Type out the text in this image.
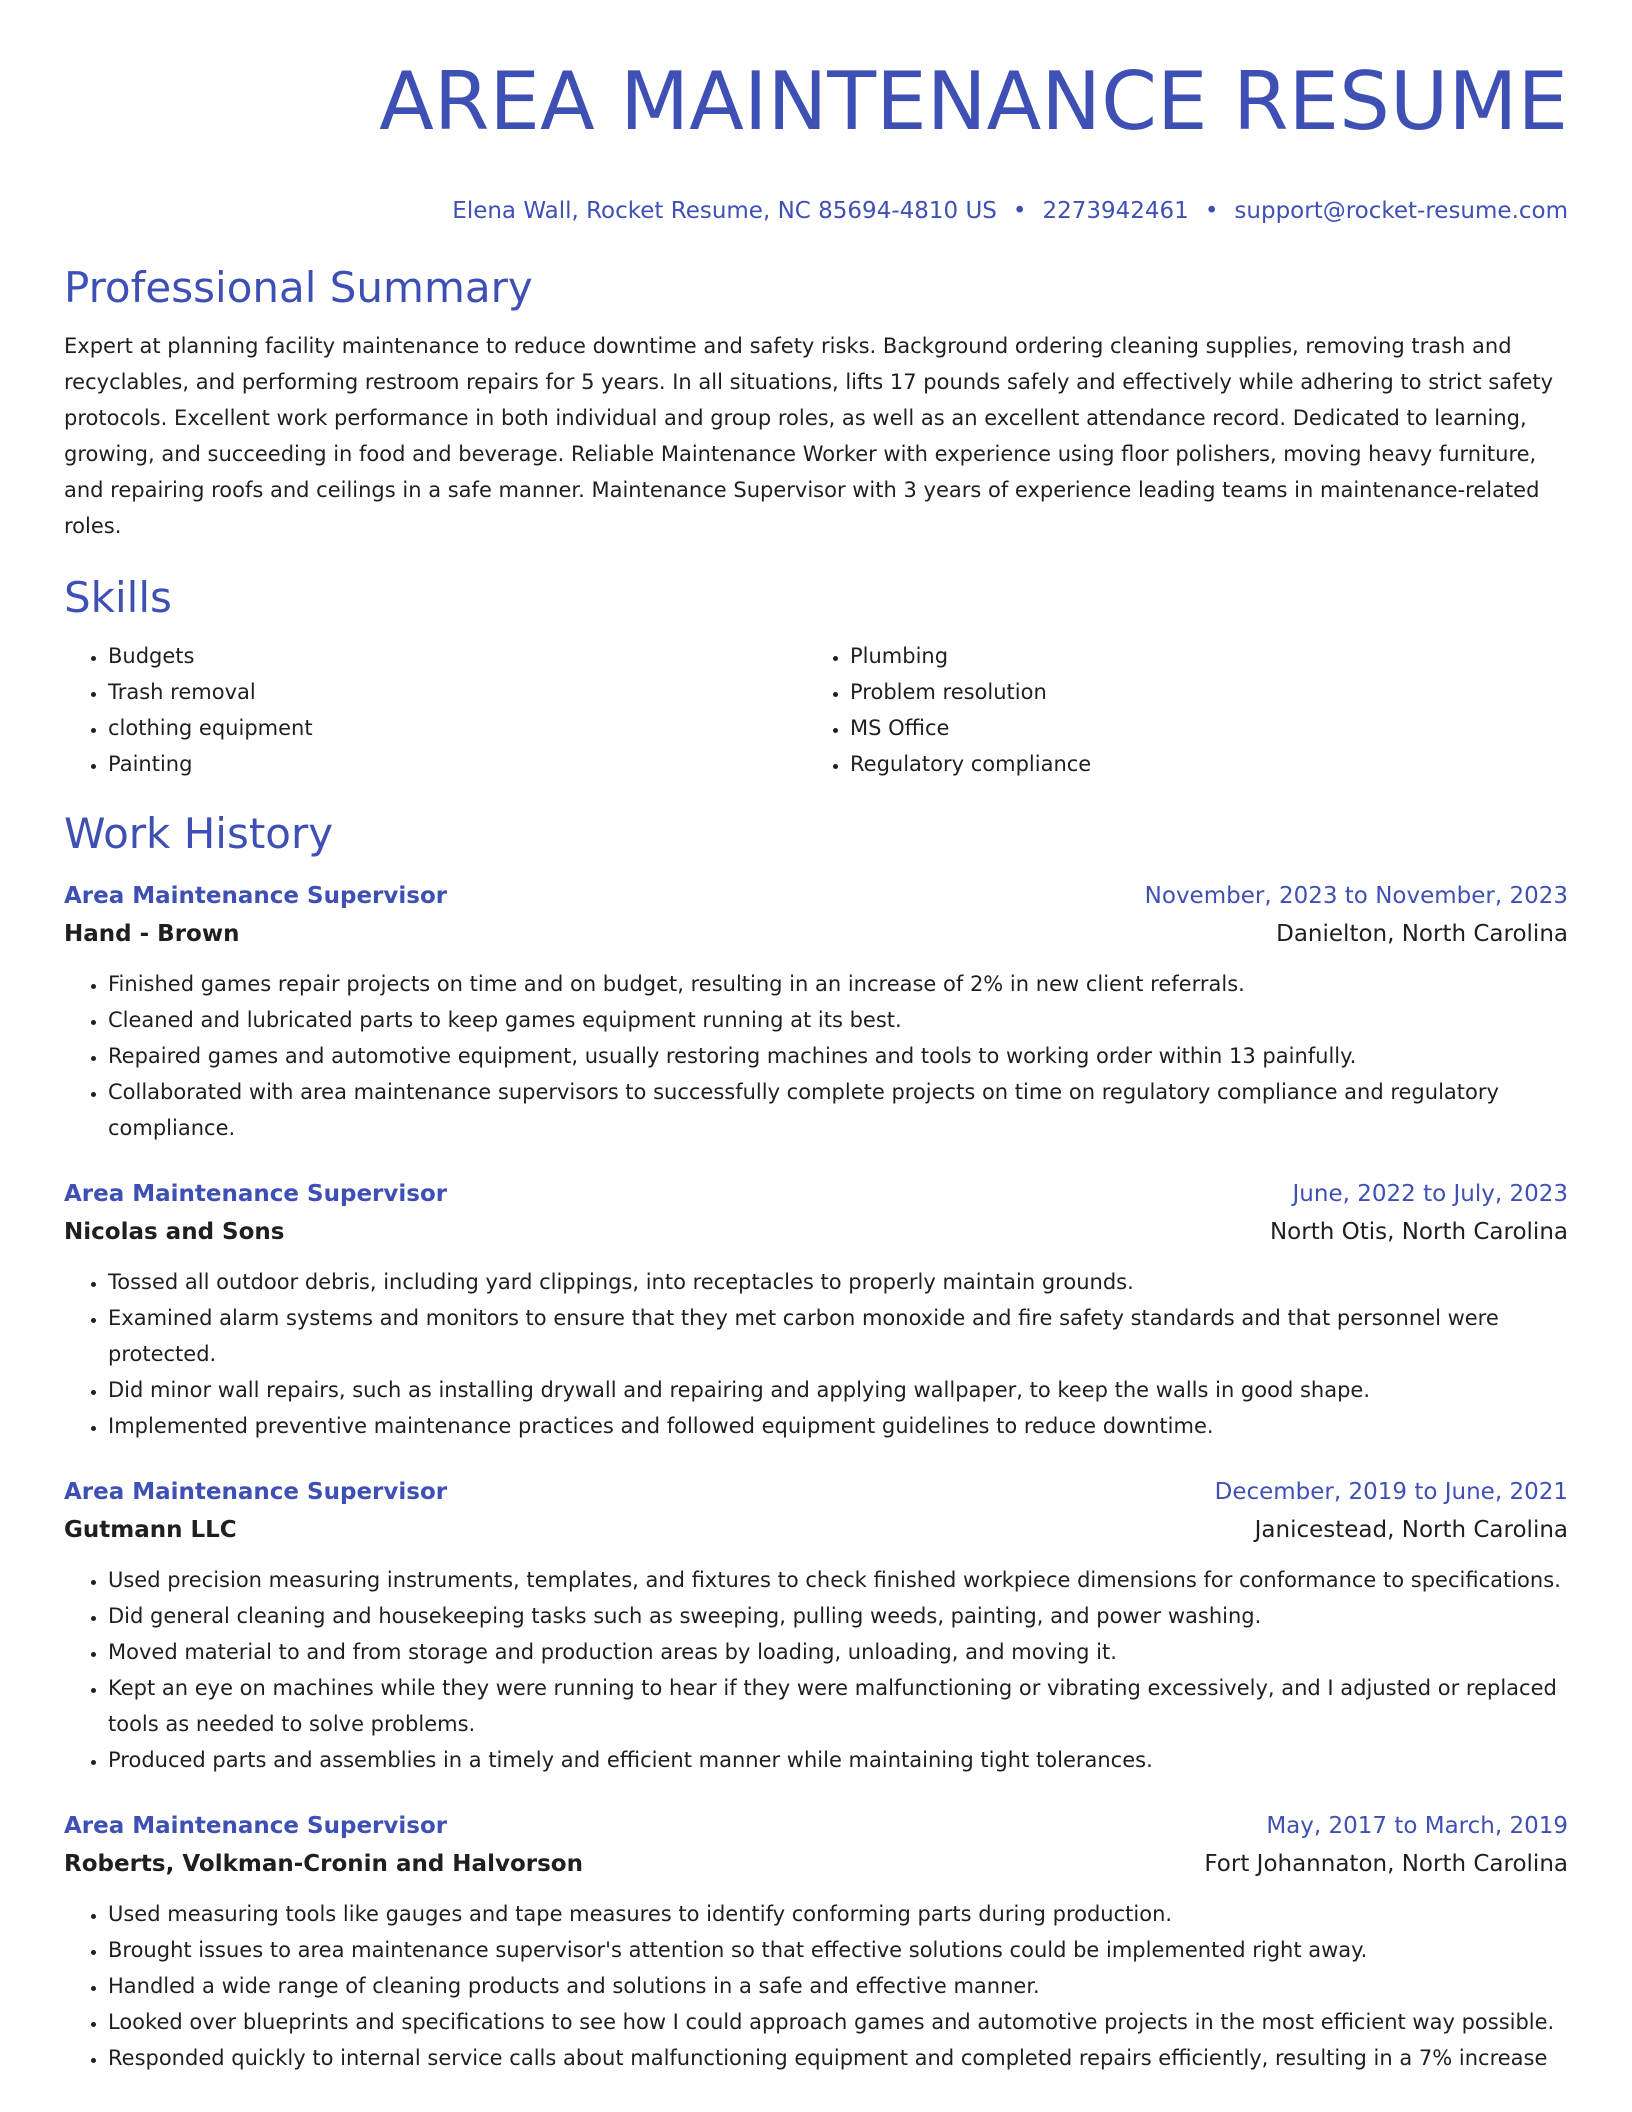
AREA MAINTENANCE RESUME
Elena Wall, Rocket Resume, NC 85694-4810 US • 2273942461 • support@rocket-resume.com
Professional Summary
Expert at planning facility maintenance to reduce downtime and safety risks. Background ordering cleaning supplies, removing trash and recyclables, and performing restroom repairs for 5 years. In all situations, lifts 17 pounds safely and effectively while adhering to strict safety protocols. Excellent work performance in both individual and group roles, as well as an excellent attendance record. Dedicated to learning, growing, and succeeding in food and beverage. Reliable Maintenance Worker with experience using floor polishers, moving heavy furniture, and repairing roofs and ceilings in a safe manner. Maintenance Supervisor with 3 years of experience leading teams in maintenance-related roles.
Skills
• Budgets
• Trash removal
• clothing equipment
• Painting
• Plumbing
• Problem resolution
• MS Office
• Regulatory compliance
Work History
Area Maintenance Supervisor	November, 2023 to November, 2023
Hand - Brown	Danielton, North Carolina
• Finished games repair projects on time and on budget, resulting in an increase of 2% in new client referrals.
• Cleaned and lubricated parts to keep games equipment running at its best.
• Repaired games and automotive equipment, usually restoring machines and tools to working order within 13 painfully.
• Collaborated with area maintenance supervisors to successfully complete projects on time on regulatory compliance and regulatory compliance.
Area Maintenance Supervisor	June, 2022 to July, 2023
Nicolas and Sons	North Otis, North Carolina
• Tossed all outdoor debris, including yard clippings, into receptacles to properly maintain grounds.
• Examined alarm systems and monitors to ensure that they met carbon monoxide and fire safety standards and that personnel were protected.
• Did minor wall repairs, such as installing drywall and repairing and applying wallpaper, to keep the walls in good shape.
• Implemented preventive maintenance practices and followed equipment guidelines to reduce downtime.
Area Maintenance Supervisor	December, 2019 to June, 2021
Gutmann LLC	Janicestead, North Carolina
• Used precision measuring instruments, templates, and fixtures to check finished workpiece dimensions for conformance to specifications.
• Did general cleaning and housekeeping tasks such as sweeping, pulling weeds, painting, and power washing.
• Moved material to and from storage and production areas by loading, unloading, and moving it.
• Kept an eye on machines while they were running to hear if they were malfunctioning or vibrating excessively, and I adjusted or replaced tools as needed to solve problems.
• Produced parts and assemblies in a timely and efficient manner while maintaining tight tolerances.
Area Maintenance Supervisor	May, 2017 to March, 2019
Roberts, Volkman-Cronin and Halvorson	Fort Johannaton, North Carolina
• Used measuring tools like gauges and tape measures to identify conforming parts during production.
• Brought issues to area maintenance supervisor's attention so that effective solutions could be implemented right away.
• Handled a wide range of cleaning products and solutions in a safe and effective manner.
• Looked over blueprints and specifications to see how I could approach games and automotive projects in the most efficient way possible.
• Responded quickly to internal service calls about malfunctioning equipment and completed repairs efficiently, resulting in a 7% increase
